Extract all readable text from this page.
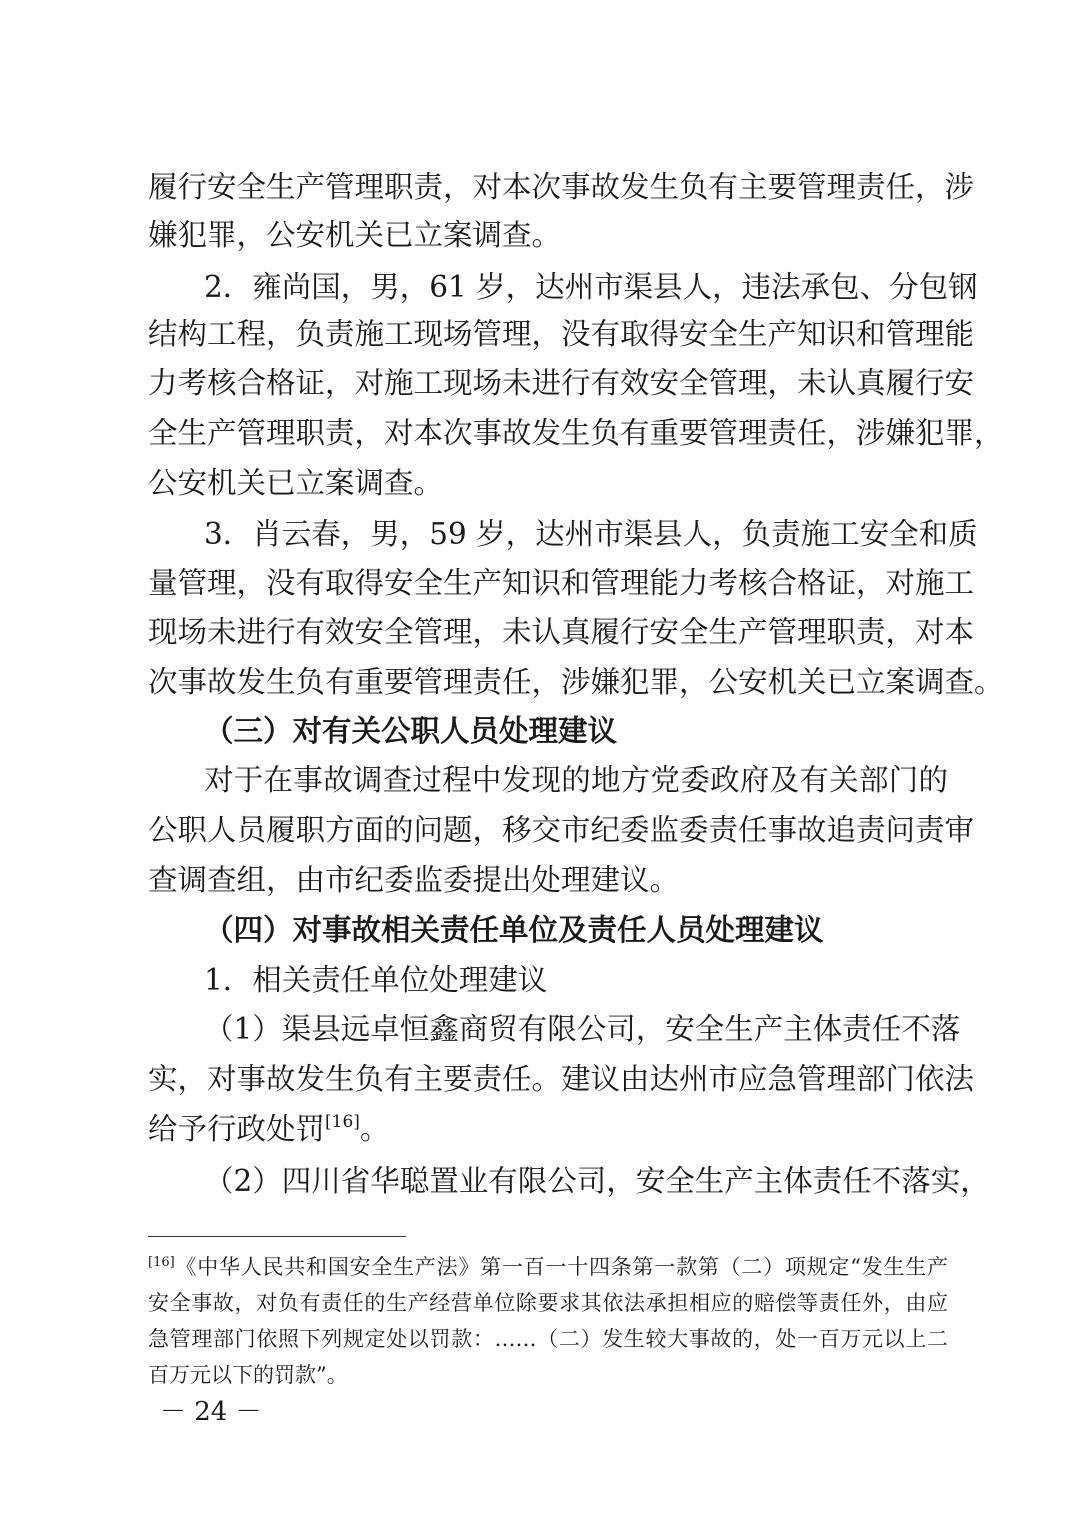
履行安全生产管理职责，对本次事故发生负有主要管理责任，涉
嫌犯罪，公安机关已立案调查。
2．雍尚国，男，61 岁，达州市渠县人，违法承包、分包钢
结构工程，负责施工现场管理，没有取得安全生产知识和管理能
力考核合格证，对施工现场未进行有效安全管理，未认真履行安
全生产管理职责，对本次事故发生负有重要管理责任，涉嫌犯罪，
公安机关已立案调查。
3．肖云春，男，59 岁，达州市渠县人，负责施工安全和质
量管理，没有取得安全生产知识和管理能力考核合格证，对施工
现场未进行有效安全管理，未认真履行安全生产管理职责，对本
次事故发生负有重要管理责任，涉嫌犯罪，公安机关已立案调查。
（三）对有关公职人员处理建议
对于在事故调查过程中发现的地方党委政府及有关部门的
公职人员履职方面的问题，移交市纪委监委责任事故追责问责审
查调查组，由市纪委监委提出处理建议。
（四）对事故相关责任单位及责任人员处理建议
1．相关责任单位处理建议
（1）渠县远卓恒鑫商贸有限公司，安全生产主体责任不落
实，对事故发生负有主要责任。建议由达州市应急管理部门依法
给予行政处罚[16]。
（2）四川省华聪置业有限公司，安全生产主体责任不落实，
[16]《中华人民共和国安全生产法》第一百一十四条第一款第（二）项规定“发生生产
安全事故，对负有责任的生产经营单位除要求其依法承担相应的赔偿等责任外，由应
急管理部门依照下列规定处以罚款：……（二）发生较大事故的，处一百万元以上二
百万元以下的罚款”。
－ 24 －
